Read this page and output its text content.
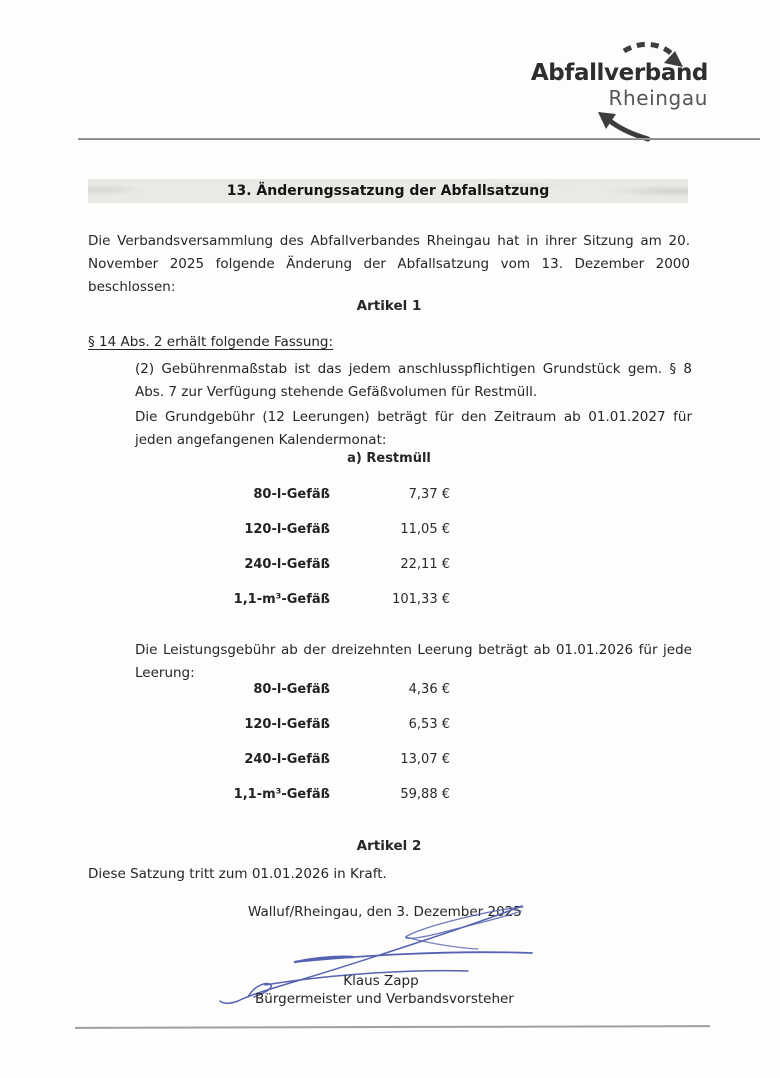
Abfallverband
Rheingau
13. Änderungssatzung der Abfallsatzung

Die Verbandsversammlung des Abfallverbandes Rheingau hat in ihrer Sitzung am 20. November 2025 folgende Änderung der Abfallsatzung vom 13. Dezember 2000 beschlossen:

Artikel 1
§ 14 Abs. 2 erhält folgende Fassung:

(2) Gebührenmaßstab ist das jedem anschlusspflichtigen Grundstück gem. § 8 Abs. 7 zur Verfügung stehende Gefäßvolumen für Restmüll.

Die Grundgebühr (12 Leerungen) beträgt für den Zeitraum ab 01.01.2027 für jeden angefangenen Kalendermonat:

a) Restmüll
80-l-Gefäß	7,37 €
120-l-Gefäß	11,05 €
240-l-Gefäß	22,11 €
1,1-m³-Gefäß	101,33 €

Die Leistungsgebühr ab der dreizehnten Leerung beträgt ab 01.01.2026 für jede Leerung:

80-l-Gefäß	4,36 €
120-l-Gefäß	6,53 €
240-l-Gefäß	13,07 €
1,1-m³-Gefäß	59,88 €
Artikel 2

Diese Satzung tritt zum 01.01.2026 in Kraft.

Walluf/Rheingau, den 3. Dezember 2025
Klaus Zapp
Bürgermeister und Verbandsvorsteher
